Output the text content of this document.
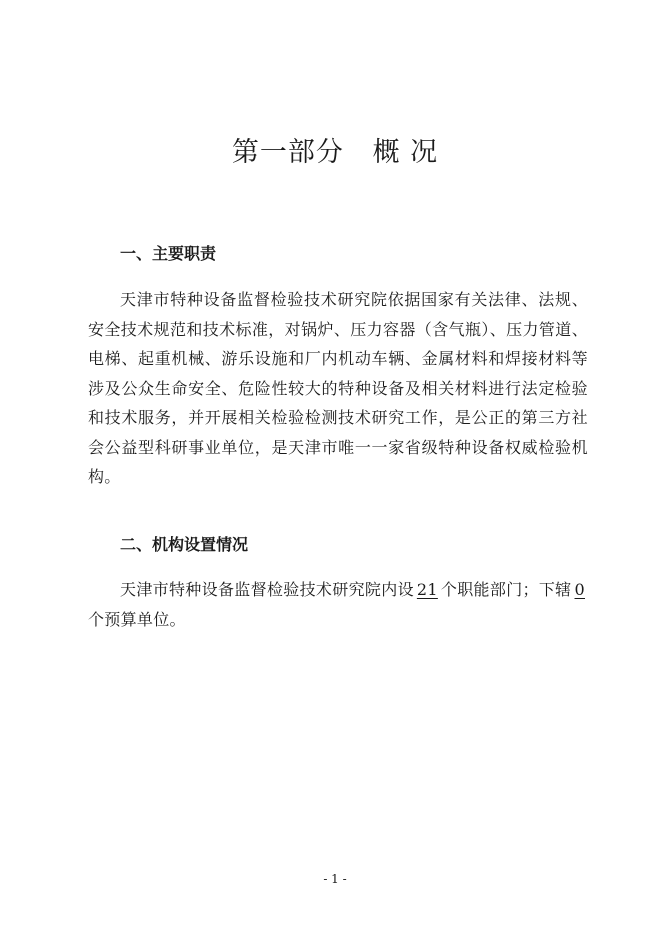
第一部分   概 况
一、主要职责
天津市特种设备监督检验技术研究院依据国家有关法律、法规、安全技术规范和技术标准，对锅炉、压力容器（含气瓶）、压力管道、电梯、起重机械、游乐设施和厂内机动车辆、金属材料和焊接材料等涉及公众生命安全、危险性较大的特种设备及相关材料进行法定检验和技术服务，并开展相关检验检测技术研究工作，是公正的第三方社会公益型科研事业单位，是天津市唯一一家省级特种设备权威检验机构。
二、机构设置情况
天津市特种设备监督检验技术研究院内设 21 个职能部门；下辖 0个预算单位。
- 1 -
